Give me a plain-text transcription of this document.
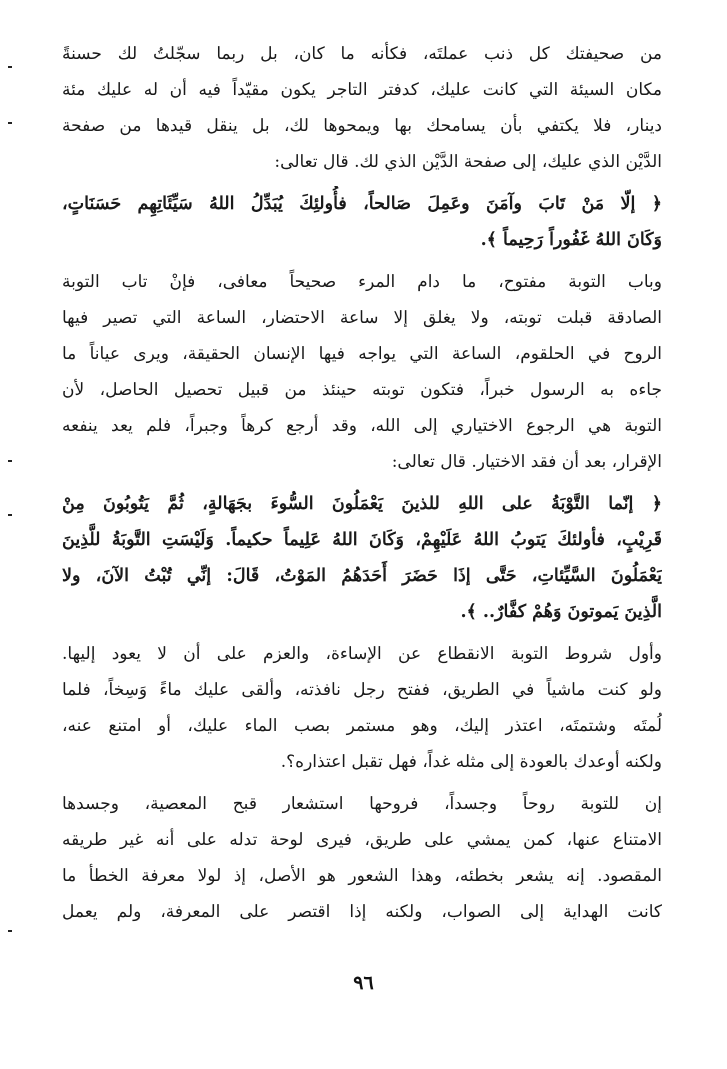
من صحيفتك كل ذنب عملتَه، فكأنه ما كان، بل ربما سجّلتُ لك حسنةً
مكان السيئة التي كانت عليك، كدفتر التاجر يكون مقيّداً فيه أن له عليك مئة
دينار، فلا يكتفي بأن يسامحك بها ويمحوها لك، بل ينقل قيدها من صفحة
الدَّيْن الذي عليك، إلى صفحة الدَّيْن الذي لك. قال تعالى:
﴿ إلّا مَنْ تَابَ وآمَنَ وعَمِلَ صَالحاً، فأُولئِكَ يُبَدِّلُ اللهُ سَيِّئَاتِهِم حَسَنَاتٍ،
وَكَانَ اللهُ غَفُوراً رَحِيماً ﴾.
وباب التوبة مفتوح، ما دام المرء صحيحاً معافى، فإنْ تاب التوبة
الصادقة قبلت توبته، ولا يغلق إلا ساعة الاحتضار، الساعة التي تصير فيها
الروح في الحلقوم، الساعة التي يواجه فيها الإنسان الحقيقة، ويرى عياناً ما
جاءه به الرسول خبراً، فتكون توبته حينئذ من قبيل تحصيل الحاصل، لأن
التوبة هي الرجوع الاختياري إلى الله، وقد أرجع كرهاً وجبراً، فلم يعد ينفعه
الإقرار، بعد أن فقد الاختيار. قال تعالى:
﴿ إنّما التَّوْبَةُ على اللهِ للذينَ يَعْمَلُونَ السُّوءَ بجَهَالةٍ، ثُمَّ يَتُوبُونَ مِنْ
قَرِيْبٍ، فأولئكَ يَتوبُ اللهُ عَلَيْهِمْ، وَكَانَ اللهُ عَلِيماً حكيماً. وَلَيْسَتِ التَّوبَةُ للَّذِينَ
يَعْمَلُونَ السَّيِّئاتِ، حَتَّى إذَا حَضَرَ أَحَدَهُمُ المَوْتُ، قَالَ: إنِّي تُبْتُ الآنَ، ولا
الَّذِينَ يَموتونَ وَهُمْ كفَّارٌ.. ﴾.
وأول شروط التوبة الانقطاع عن الإساءة، والعزم على أن لا يعود إليها.
ولو كنت ماشياً في الطريق، ففتح رجل نافذته، وألقى عليك ماءً وَسِخاً، فلما
لُمتَه وشتمتَه، اعتذر إليك، وهو مستمر بصب الماء عليك، أو امتنع عنه،
ولكنه أوعدك بالعودة إلى مثله غداً، فهل تقبل اعتذاره؟.
إن للتوبة روحاً وجسداً، فروحها استشعار قبح المعصية، وجسدها
الامتناع عنها، كمن يمشي على طريق، فيرى لوحة تدله على أنه غير طريقه
المقصود. إنه يشعر بخطئه، وهذا الشعور هو الأصل، إذ لولا معرفة الخطأ ما
كانت الهداية إلى الصواب، ولكنه إذا اقتصر على المعرفة، ولم يعمل
٩٦
